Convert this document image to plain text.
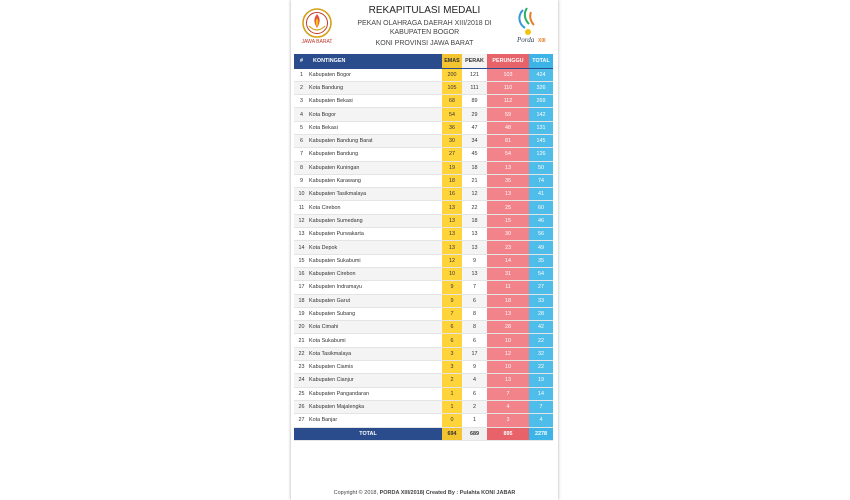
JAWA BARAT
REKAPITULASI MEDALI
PEKAN OLAHRAGA DAERAH XIII/2018 DI
KABUPATEN BOGOR
KONI PROVINSI JAWA BARAT	Porda XIII
#	KONTINGEN	EMAS	PERAK	PERUNGGU	TOTAL
1	Kabupaten Bogor	200	121	103	424
2	Kota Bandung	105	111	110	326
3	Kabupaten Bekasi	68	89	112	269
4	Kota Bogor	54	29	59	142
5	Kota Bekasi	36	47	48	131
6	Kabupaten Bandung Barat	30	34	81	145
7	Kabupaten Bandung	27	45	54	126
8	Kabupaten Kuningan	19	18	13	50
9	Kabupaten Karawang	18	21	35	74
10	Kabupaten Tasikmalaya	16	12	13	41
11	Kota Cirebon	13	22	25	60
12	Kabupaten Sumedang	13	18	15	46
13	Kabupaten Purwakarta	13	13	30	56
14	Kota Depok	13	13	23	49
15	Kabupaten Sukabumi	12	9	14	35
16	Kabupaten Cirebon	10	13	31	54
17	Kabupaten Indramayu	9	7	11	27
18	Kabupaten Garut	9	6	18	33
19	Kabupaten Subang	7	8	13	28
20	Kota Cimahi	6	8	28	42
21	Kota Sukabumi	6	6	10	22
22	Kota Tasikmalaya	3	17	12	32
23	Kabupaten Ciamis	3	9	10	22
24	Kabupaten Cianjur	2	4	13	19
25	Kabupaten Pangandaran	1	6	7	14
26	Kabupaten Majalengka	1	2	4	7
27	Kota Banjar	0	1	3	4
TOTAL		694	689	895	2278
Copyright © 2018, PORDA XIII/2018| Created By : Pulahta KONI JABAR
